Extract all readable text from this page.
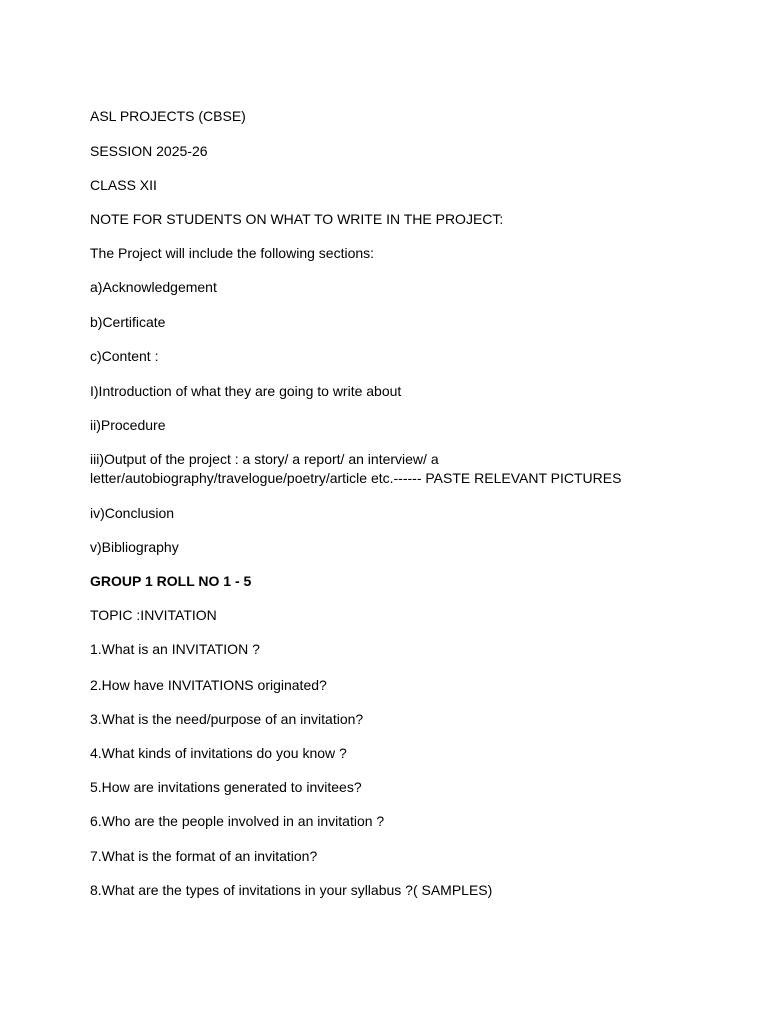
ASL PROJECTS (CBSE)

SESSION 2025-26

CLASS XII

NOTE FOR STUDENTS ON WHAT TO WRITE IN THE PROJECT:

The Project will include the following sections:

a)Acknowledgement

b)Certificate

c)Content :

I)Introduction of what they are going to write about

ii)Procedure

iii)Output of the project : a story/ a report/ an interview/ a

letter/autobiography/travelogue/poetry/article etc.------ PASTE RELEVANT PICTURES

iv)Conclusion

v)Bibliography

GROUP 1 ROLL NO 1 - 5

TOPIC :INVITATION

1.What is an INVITATION ?

2.How have INVITATIONS originated?

3.What is the need/purpose of an invitation?

4.What kinds of invitations do you know ?

5.How are invitations generated to invitees?

6.Who are the people involved in an invitation ?

7.What is the format of an invitation?

8.What are the types of invitations in your syllabus ?( SAMPLES)
